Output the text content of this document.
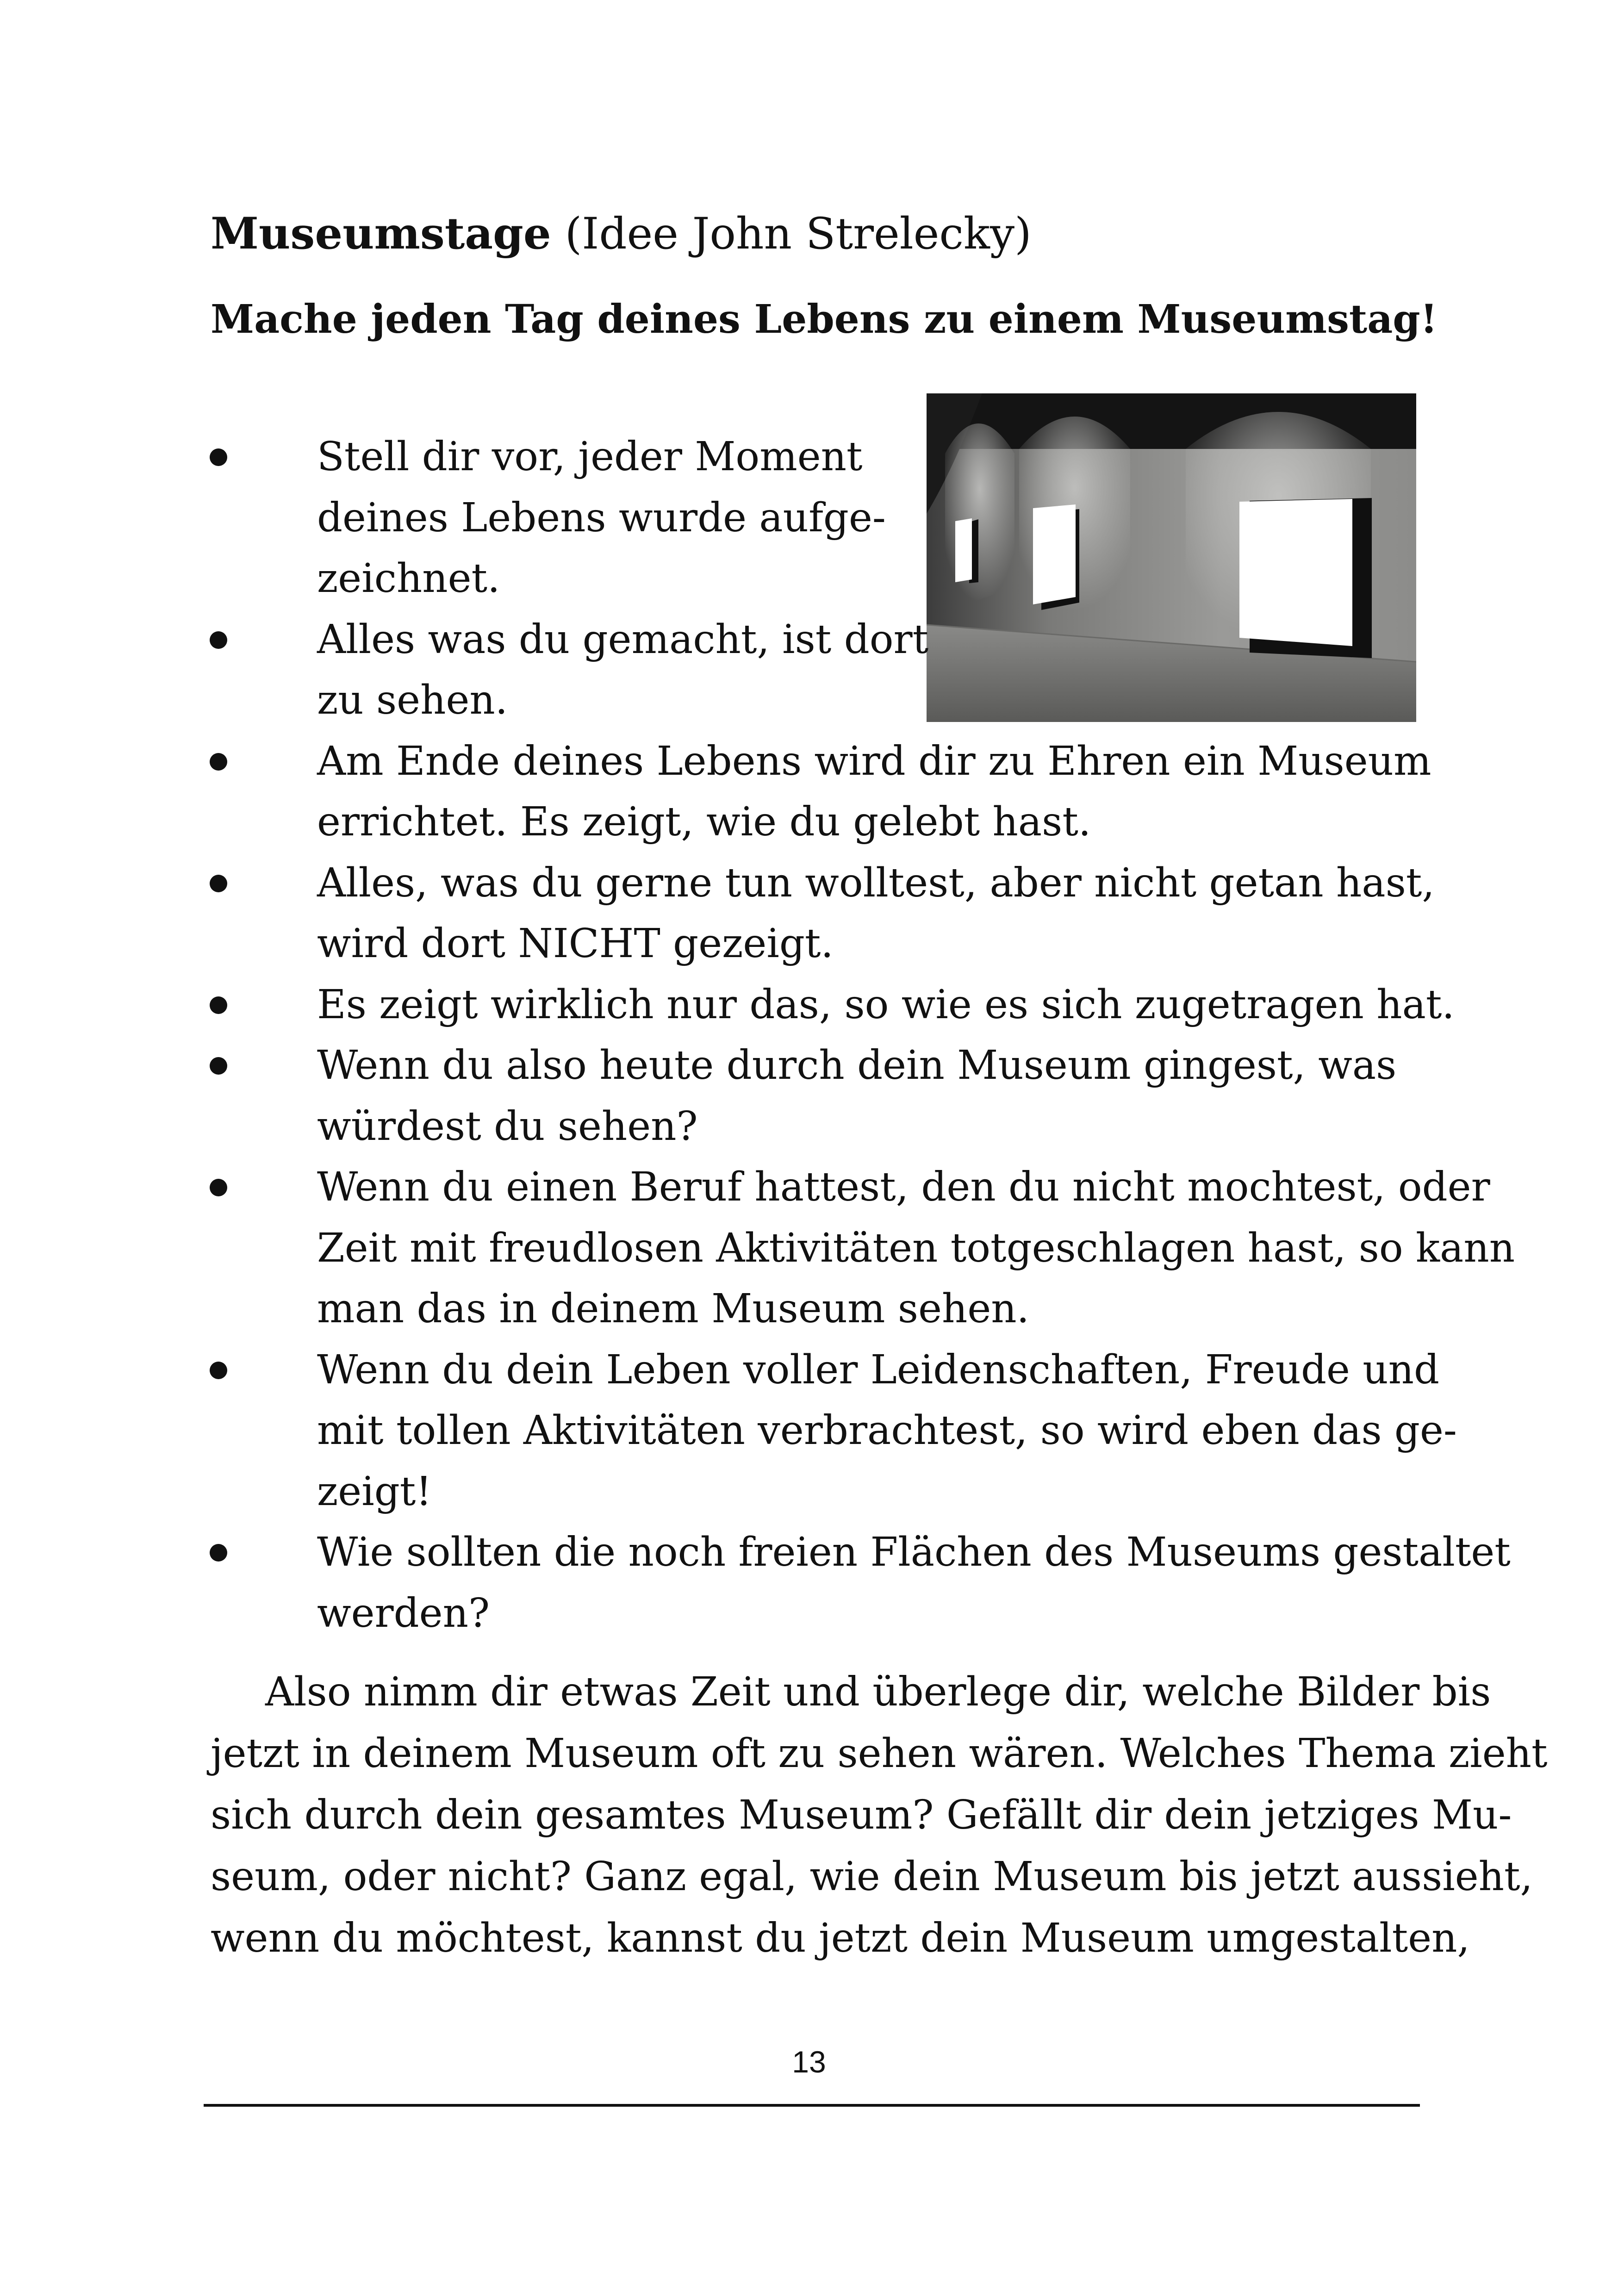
Museumstage (Idee John Strelecky)
Mache jeden Tag deines Lebens zu einem Museumstag!
Stell dir vor, jeder Moment
deines Lebens wurde aufge-
zeichnet.
Alles was du gemacht, ist dort
zu sehen.
Am Ende deines Lebens wird dir zu Ehren ein Museum
errichtet. Es zeigt, wie du gelebt hast.
Alles, was du gerne tun wolltest, aber nicht getan hast,
wird dort NICHT gezeigt.
Es zeigt wirklich nur das, so wie es sich zugetragen hat.
Wenn du also heute durch dein Museum gingest, was
würdest du sehen?
Wenn du einen Beruf hattest, den du nicht mochtest, oder
Zeit mit freudlosen Aktivitäten totgeschlagen hast, so kann
man das in deinem Museum sehen.
Wenn du dein Leben voller Leidenschaften, Freude und
mit tollen Aktivitäten verbrachtest, so wird eben das ge-
zeigt!
Wie sollten die noch freien Flächen des Museums gestaltet
werden?
Also nimm dir etwas Zeit und überlege dir, welche Bilder bis
jetzt in deinem Museum oft zu sehen wären. Welches Thema zieht
sich durch dein gesamtes Museum? Gefällt dir dein jetziges Mu-
seum, oder nicht? Ganz egal, wie dein Museum bis jetzt aussieht,
wenn du möchtest, kannst du jetzt dein Museum umgestalten,
13
